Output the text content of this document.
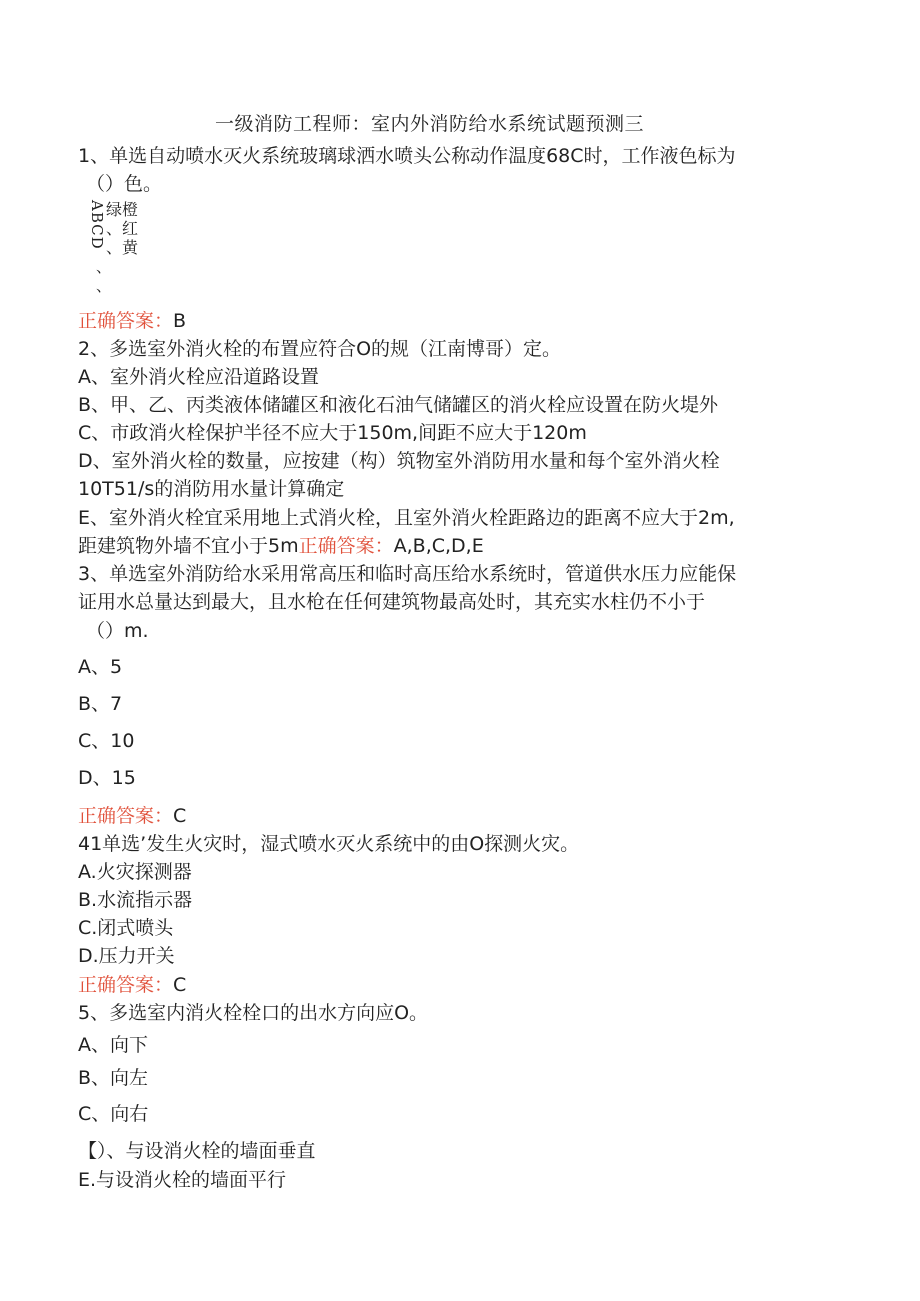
一级消防工程师：室内外消防给水系统试题预测三
1、单选自动喷水灭火系统玻璃球洒水喷头公称动作温度68C时，工作液色标为
（）色。
ABCD 绿橙
、红
、黄
、
、
正确答案：B
2、多选室外消火栓的布置应符合O的规（江南博哥）定。
A、室外消火栓应沿道路设置
B、甲、乙、丙类液体储罐区和液化石油气储罐区的消火栓应设置在防火堤外
C、市政消火栓保护半径不应大于150m,间距不应大于120m
D、室外消火栓的数量，应按建（构）筑物室外消防用水量和每个室外消火栓
10T51∕s的消防用水量计算确定
E、室外消火栓宜采用地上式消火栓，且室外消火栓距路边的距离不应大于2m,
距建筑物外墙不宜小于5m正确答案：A,B,C,D,E
3、单选室外消防给水采用常高压和临时高压给水系统时，管道供水压力应能保
证用水总量达到最大，且水枪在任何建筑物最高处时，其充实水柱仍不小于
（）m.
A、5
B、7
C、10
D、15
正确答案：C
41单选’发生火灾时，湿式喷水灭火系统中的由O探测火灾。
A.火灾探测器
B.水流指示器
C.闭式喷头
D.压力开关
正确答案：C
5、多选室内消火栓栓口的出水方向应O。
A、向下
B、向左
C、向右
【）、与设消火栓的墙面垂直
E.与设消火栓的墙面平行
